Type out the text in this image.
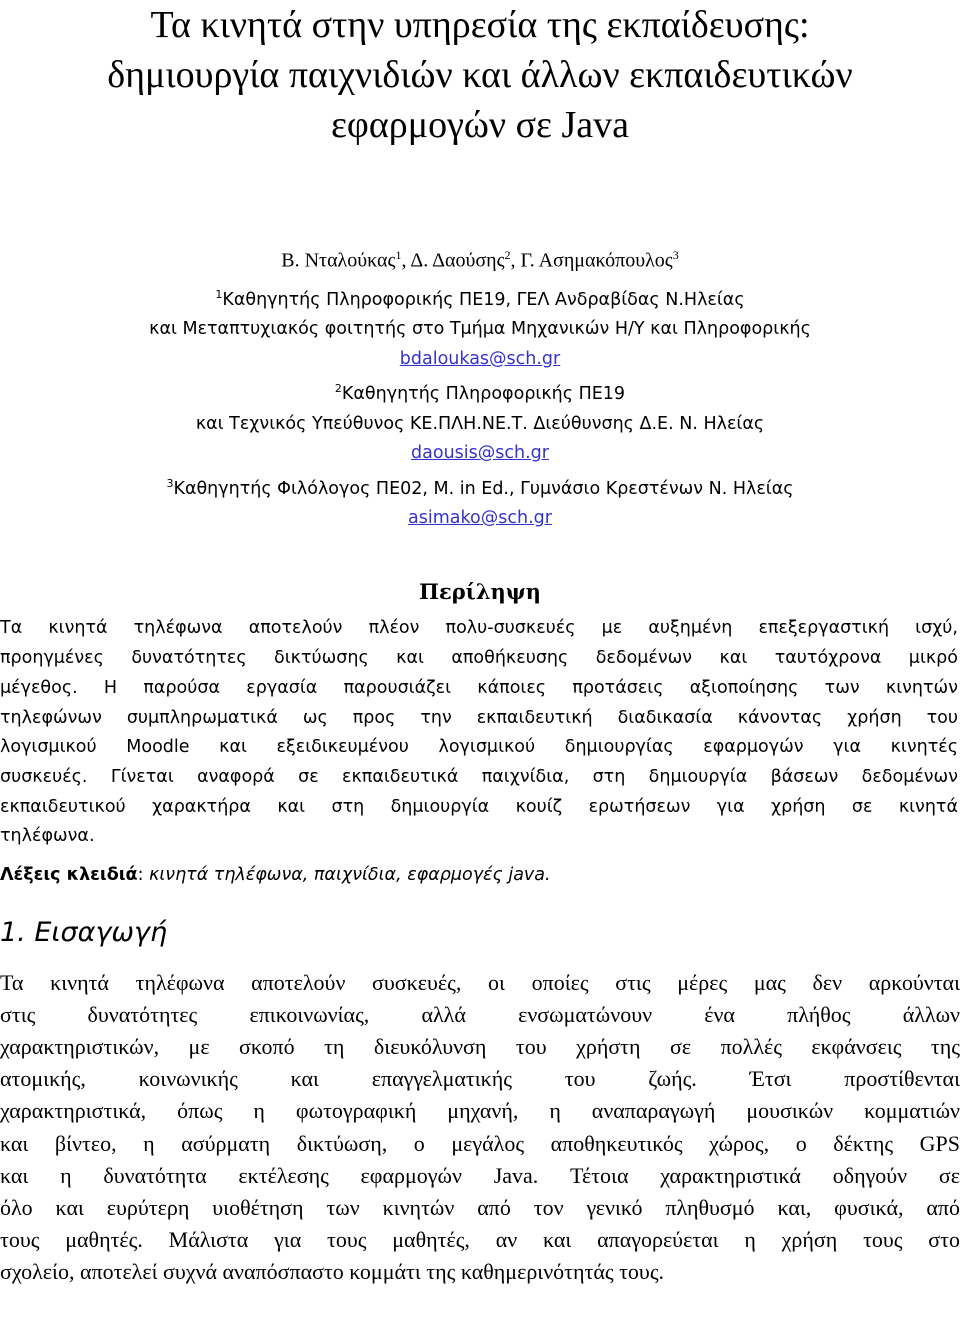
Τα κινητά στην υπηρεσία της εκπαίδευσης:
δημιουργία παιχνιδιών και άλλων εκπαιδευτικών
εφαρμογών σε Java
Β. Νταλούκας$^1$, Δ. Δαούσης$^2$, Γ. Ασημακόπουλος$^3$
$^1$Καθηγητής Πληροφορικής ΠΕ19, ΓΕΛ Ανδραβίδας Ν.Ηλείας
και Μεταπτυχιακός φοιτητής στο Τμήμα Μηχανικών Η/Υ και Πληροφορικής
bdaloukas@sch.gr
$^2$Καθηγητής Πληροφορικής ΠΕ19
και Τεχνικός Υπεύθυνος ΚΕ.ΠΛΗ.ΝΕ.Τ. Διεύθυνσης Δ.Ε. Ν. Ηλείας
daousis@sch.gr
$^3$Καθηγητής Φιλόλογος ΠΕ02, Μ. in Ed., Γυμνάσιο Κρεστένων Ν. Ηλείας
asimako@sch.gr
Περίληψη
Τα κινητά τηλέφωνα αποτελούν πλέον πολυ-συσκευές με αυξημένη επεξεργαστική ισχύ,
προηγμένες δυνατότητες δικτύωσης και αποθήκευσης δεδομένων και ταυτόχρονα μικρό
μέγεθος. Η παρούσα εργασία παρουσιάζει κάποιες προτάσεις αξιοποίησης των κινητών
τηλεφώνων συμπληρωματικά ως προς την εκπαιδευτική διαδικασία κάνοντας χρήση του
λογισμικού Moodle και εξειδικευμένου λογισμικού δημιουργίας εφαρμογών για κινητές
συσκευές. Γίνεται αναφορά σε εκπαιδευτικά παιχνίδια, στη δημιουργία βάσεων δεδομένων
εκπαιδευτικού χαρακτήρα και στη δημιουργία κουίζ ερωτήσεων για χρήση σε κινητά
τηλέφωνα.
Λέξεις κλειδιά: κινητά τηλέφωνα, παιχνίδια, εφαρμογές java.
1. Εισαγωγή
Τα κινητά τηλέφωνα αποτελούν συσκευές, οι οποίες στις μέρες μας δεν αρκούνται
στις δυνατότητες επικοινωνίας, αλλά ενσωματώνουν ένα πλήθος άλλων
χαρακτηριστικών, με σκοπό τη διευκόλυνση του χρήστη σε πολλές εκφάνσεις της
ατομικής, κοινωνικής και επαγγελματικής του ζωής. Έτσι προστίθενται
χαρακτηριστικά, όπως η φωτογραφική μηχανή, η αναπαραγωγή μουσικών κομματιών
και βίντεο, η ασύρματη δικτύωση, ο μεγάλος αποθηκευτικός χώρος, ο δέκτης GPS
και η δυνατότητα εκτέλεσης εφαρμογών Java. Τέτοια χαρακτηριστικά οδηγούν σε
όλο και ευρύτερη υιοθέτηση των κινητών από τον γενικό πληθυσμό και, φυσικά, από
τους μαθητές. Μάλιστα για τους μαθητές, αν και απαγορεύεται η χρήση τους στο
σχολείο, αποτελεί συχνά αναπόσπαστο κομμάτι της καθημερινότητάς τους.
